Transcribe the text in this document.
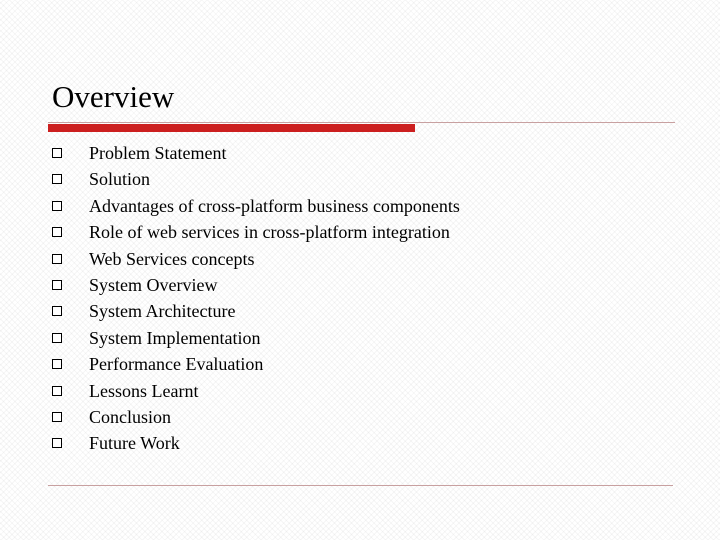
Overview
Problem Statement
Solution
Advantages of cross-platform business components
Role of web services in cross-platform integration
Web Services concepts
System Overview
System Architecture
System Implementation
Performance Evaluation
Lessons Learnt
Conclusion
Future Work
